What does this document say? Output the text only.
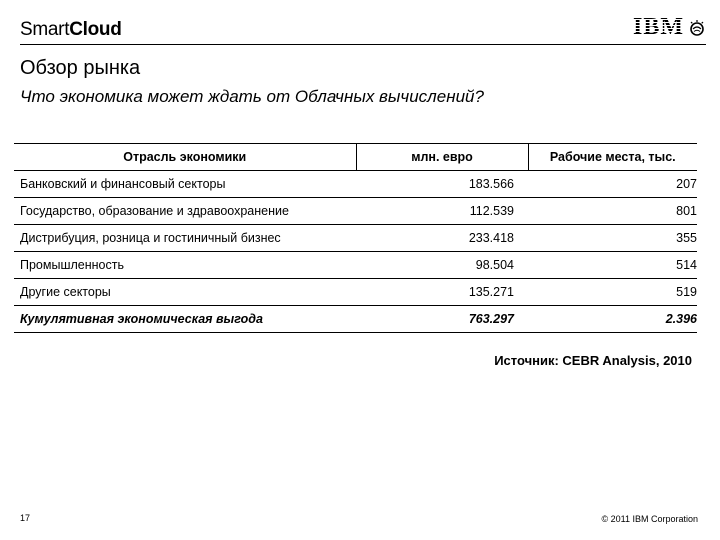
Smart Cloud	IBM
Обзор рынка
Что экономика может ждать от Облачных вычислений?
Отрасль экономики	млн. евро	Рабочие места, тыс.
Банковский и финансовый секторы	183.566	207
Государство, образование и здравоохранение	112.539	801
Дистрибуция, розница и гостиничный бизнес	233.418	355
Промышленность	98.504	514
Другие секторы	135.271	519
Кумулятивная экономическая выгода	763.297	2.396
Источник: CEBR Analysis, 2010
17	© 2011 IBM Corporation
